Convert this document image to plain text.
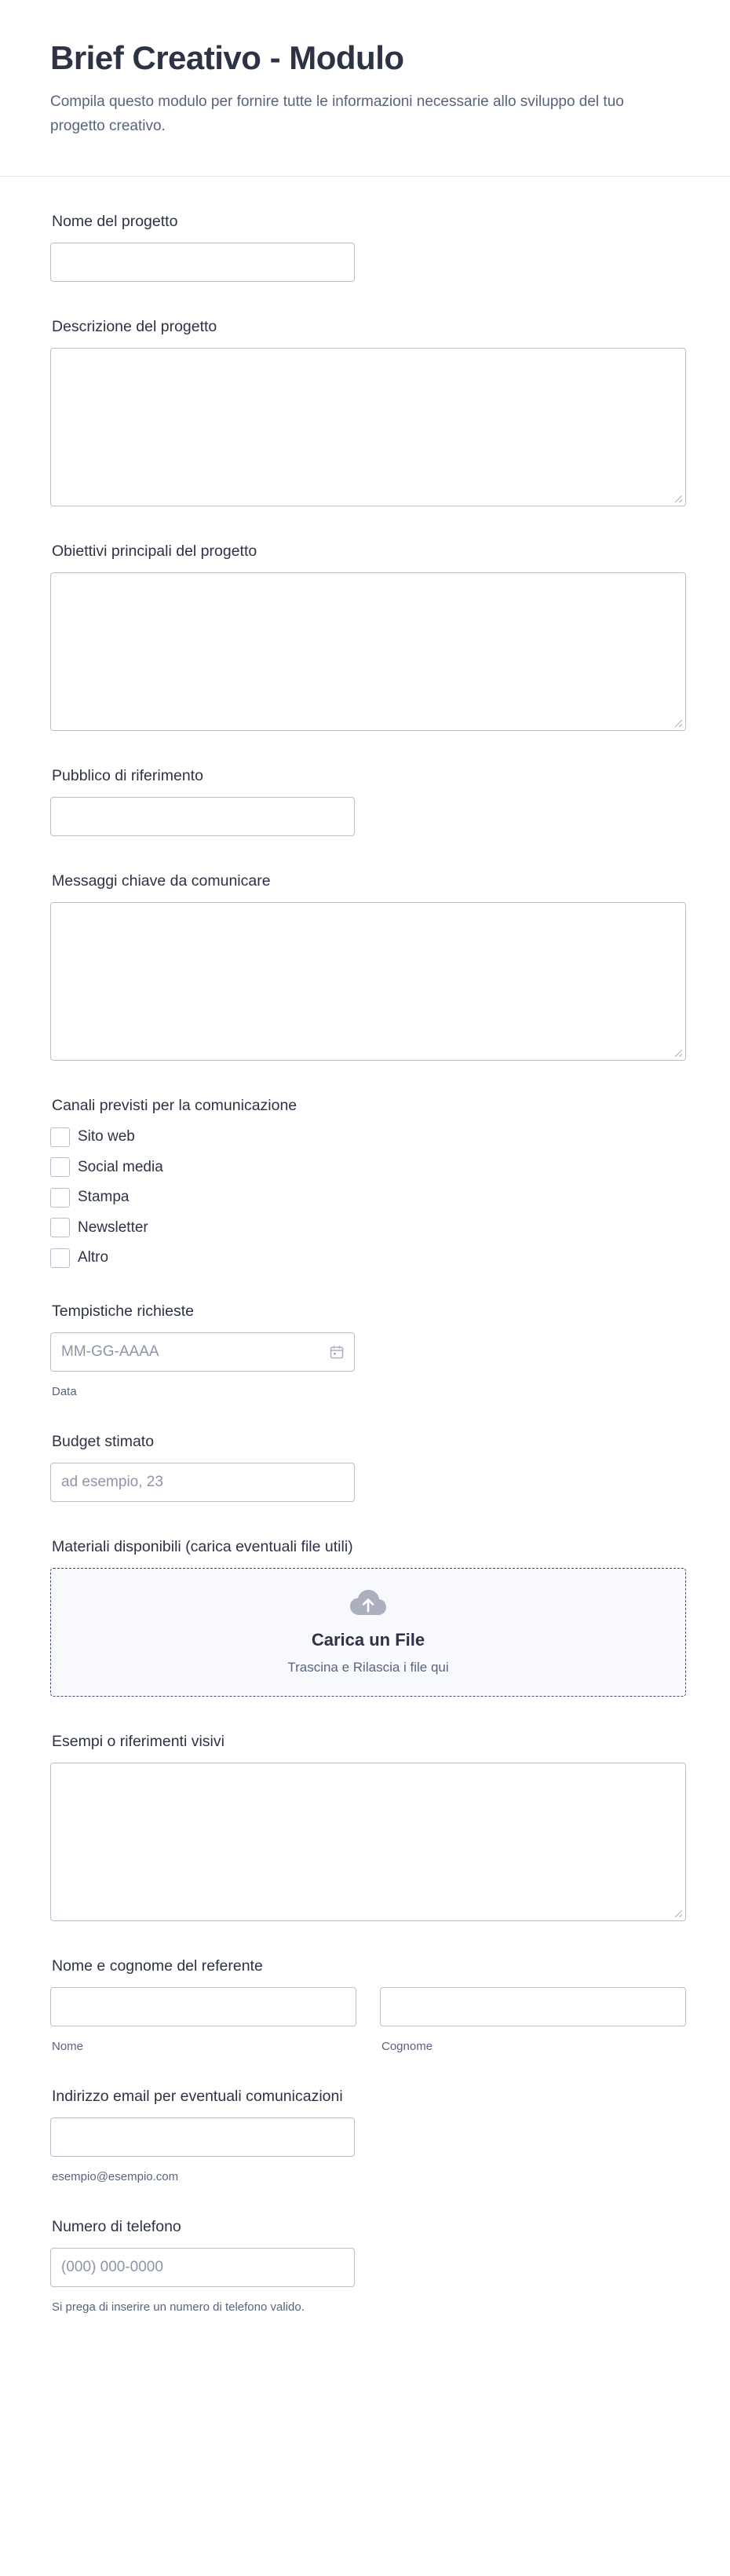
Brief Creativo - Modulo

Compila questo modulo per fornire tutte le informazioni necessarie allo sviluppo del tuo progetto creativo.

Nome del progetto
Descrizione del progetto
Obiettivi principali del progetto
Pubblico di riferimento
Messaggi chiave da comunicare
Canali previsti per la comunicazione
Sito web
Social media
Stampa
Newsletter
Altro
Tempistiche richieste
MM-GG-AAAA
Data
Budget stimato
ad esempio, 23
Materiali disponibili (carica eventuali file utili)
Carica un File
Trascina e Rilascia i file qui
Esempi o riferimenti visivi
Nome e cognome del referente
Nome	Cognome
Indirizzo email per eventuali comunicazioni
esempio@esempio.com
Numero di telefono
(000) 000-0000
Si prega di inserire un numero di telefono valido.
